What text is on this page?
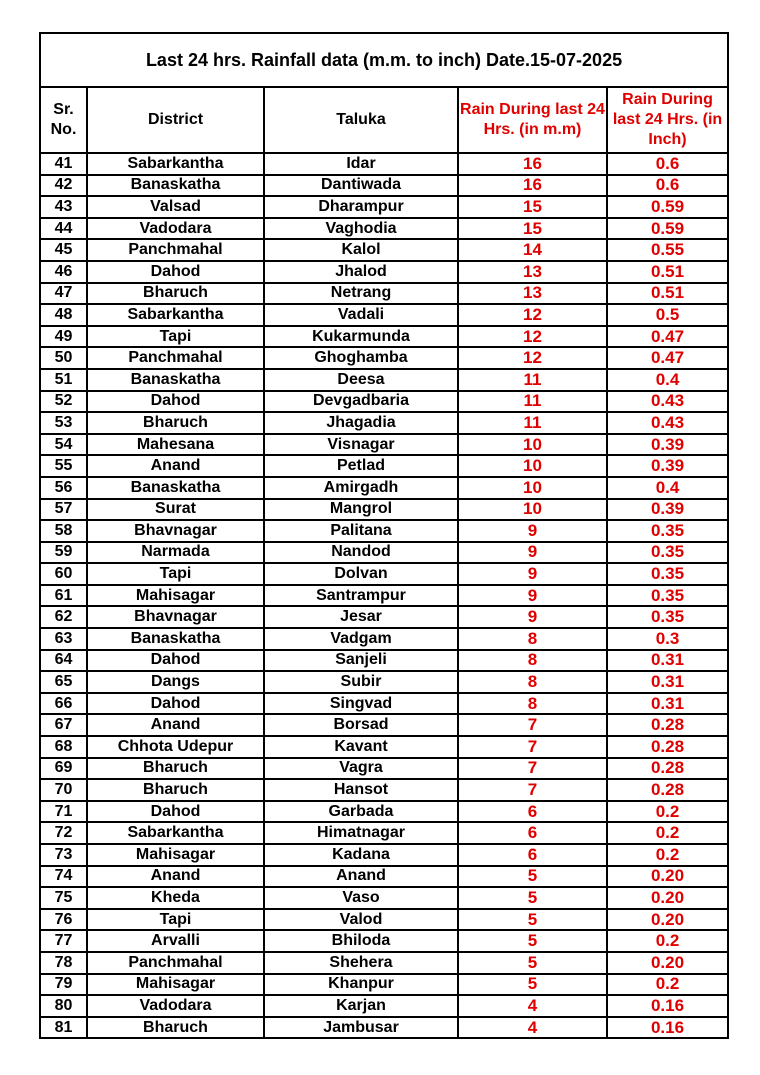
Last 24 hrs. Rainfall data (m.m. to inch) Date.15-07-2025				
Sr. No.	District	Taluka	Rain During last 24 Hrs. (in m.m)	Rain During last 24 Hrs. (in Inch)
41	Sabarkantha	Idar	16	0.6
42	Banaskatha	Dantiwada	16	0.6
43	Valsad	Dharampur	15	0.59
44	Vadodara	Vaghodia	15	0.59
45	Panchmahal	Kalol	14	0.55
46	Dahod	Jhalod	13	0.51
47	Bharuch	Netrang	13	0.51
48	Sabarkantha	Vadali	12	0.5
49	Tapi	Kukarmunda	12	0.47
50	Panchmahal	Ghoghamba	12	0.47
51	Banaskatha	Deesa	11	0.4
52	Dahod	Devgadbaria	11	0.43
53	Bharuch	Jhagadia	11	0.43
54	Mahesana	Visnagar	10	0.39
55	Anand	Petlad	10	0.39
56	Banaskatha	Amirgadh	10	0.4
57	Surat	Mangrol	10	0.39
58	Bhavnagar	Palitana	9	0.35
59	Narmada	Nandod	9	0.35
60	Tapi	Dolvan	9	0.35
61	Mahisagar	Santrampur	9	0.35
62	Bhavnagar	Jesar	9	0.35
63	Banaskatha	Vadgam	8	0.3
64	Dahod	Sanjeli	8	0.31
65	Dangs	Subir	8	0.31
66	Dahod	Singvad	8	0.31
67	Anand	Borsad	7	0.28
68	Chhota Udepur	Kavant	7	0.28
69	Bharuch	Vagra	7	0.28
70	Bharuch	Hansot	7	0.28
71	Dahod	Garbada	6	0.2
72	Sabarkantha	Himatnagar	6	0.2
73	Mahisagar	Kadana	6	0.2
74	Anand	Anand	5	0.20
75	Kheda	Vaso	5	0.20
76	Tapi	Valod	5	0.20
77	Arvalli	Bhiloda	5	0.2
78	Panchmahal	Shehera	5	0.20
79	Mahisagar	Khanpur	5	0.2
80	Vadodara	Karjan	4	0.16
81	Bharuch	Jambusar	4	0.16
